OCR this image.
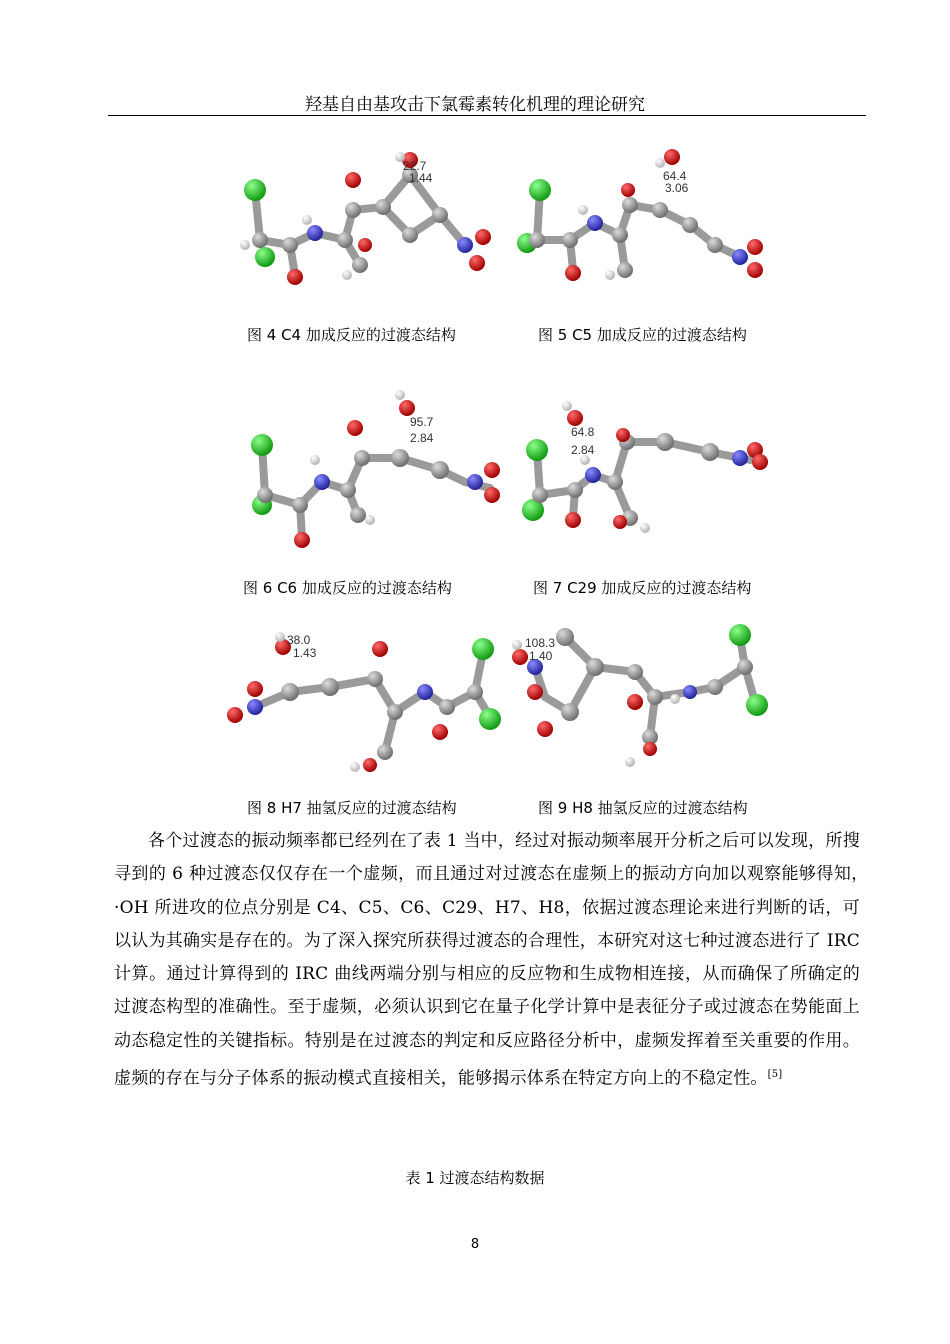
羟基自由基攻击下氯霉素转化机理的理论研究
22.7
1.44
图 4 C4 加成反应的过渡态结构
64.4
3.06
图 5 C5 加成反应的过渡态结构
95.7
2.84
图 6 C6 加成反应的过渡态结构
64.8
2.84
图 7 C29 加成反应的过渡态结构
38.0
1.43
图 8 H7 抽氢反应的过渡态结构
108.3
1.40
图 9 H8 抽氢反应的过渡态结构

各个过渡态的振动频率都已经列在了表 1 当中，经过对振动频率展开分析之后可以发现，所搜寻到的 6 种过渡态仅仅存在一个虚频，而且通过对过渡态在虚频上的振动方向加以观察能够得知，·OH 所进攻的位点分别是 C4、C5、C6、C29、H7、H8，依据过渡态理论来进行判断的话，可以认为其确实是存在的。为了深入探究所获得过渡态的合理性，本研究对这七种过渡态进行了 IRC 计算。通过计算得到的 IRC 曲线两端分别与相应的反应物和生成物相连接，从而确保了所确定的过渡态构型的准确性。至于虚频，必须认识到它在量子化学计算中是表征分子或过渡态在势能面上动态稳定性的关键指标。特别是在过渡态的判定和反应路径分析中，虚频发挥着至关重要的作用。虚频的存在与分子体系的振动模式直接相关，能够揭示体系在特定方向上的不稳定性。[5]

表 1 过渡态结构数据
8
